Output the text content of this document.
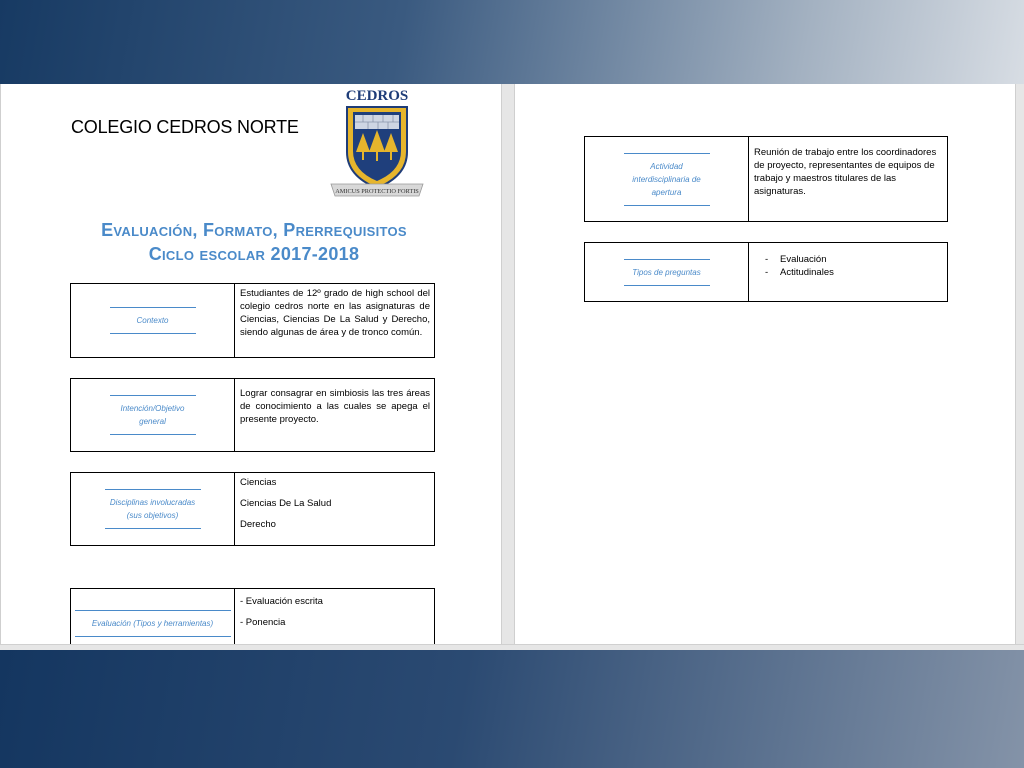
COLEGIO CEDROS NORTE
CEDROS
AMICUS PROTECTIO FORTIS
Evaluación, Formato, Prerrequisitos
Ciclo escolar 2017-2018
Contexto
Estudiantes de 12º grado de high school del colegio cedros norte en las asignaturas de Ciencias, Ciencias De La Salud y Derecho, siendo algunas de área y de tronco común.
Intención/Objetivo general
Lograr consagrar en simbiosis las tres áreas de conocimiento a las cuales se apega el presente proyecto.
Disciplinas involucradas (sus objetivos)

Ciencias

Ciencias De La Salud

Derecho

Evaluación (Tipos y herramientas)

- Evaluación escrita

- Ponencia

Actividad interdisciplinaria de apertura
Reunión de trabajo entre los coordinadores de proyecto, representantes de equipos de trabajo y maestros titulares de las asignaturas.
Tipos de preguntas
- Evaluación
- Actitudinales
